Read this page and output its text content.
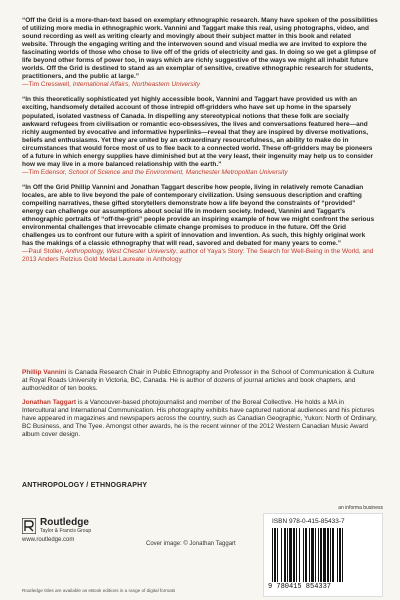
“Off the Grid is a more-than-text based on exemplary ethnographic research. Many have spoken of the possibilities of utilizing more media in ethnographic work. Vannini and Taggart make this real, using photographs, video, and sound recording as well as writing clearly and movingly about their subject matter in this book and related website. Through the engaging writing and the interwoven sound and visual media we are invited to explore the fascinating worlds of those who chose to live off of the grids of electricity and gas. In doing so we get a glimpse of life beyond other forms of power too, in ways which are richly suggestive of the ways we might all inhabit future worlds. Off the Grid is destined to stand as an exemplar of sensitive, creative ethnographic research for students, practitioners, and the public at large.”

—Tim Cresswell, International Affairs, Northeastern University

“In this theoretically sophisticated yet highly accessible book, Vannini and Taggart have provided us with an exciting, handsomely detailed account of those intrepid off-gridders who have set up home in the sparsely populated, isolated vastness of Canada. In dispelling any stereotypical notions that these folk are socially awkward refugees from civilisation or romantic eco-obsessives, the lives and conversations featured here—and richly augmented by evocative and informative hyperlinks—reveal that they are inspired by diverse motivations, beliefs and enthusiasms. Yet they are united by an extraordinary resourcefulness, an ability to make do in circumstances that would force most of us to flee back to a connected world. These off-gridders may be pioneers of a future in which energy supplies have diminished but at the very least, their ingenuity may help us to consider how we may live in a more balanced relationship with the earth.”

—Tim Edensor, School of Science and the Environment, Manchester Metropolitan University

“In Off the Grid Phillip Vannini and Jonathan Taggart describe how people, living in relatively remote Canadian locales, are able to live beyond the pale of contemporary civilization. Using sensuous description and crafting compelling narratives, these gifted storytellers demonstrate how a life beyond the constraints of “provided” energy can challenge our assumptions about social life in modern society. Indeed, Vannini and Taggart’s ethnographic portraits of “off-the-grid” people provide an inspiring example of how we might confront the serious environmental challenges that irrevocable climate change promises to produce in the future. Off the Grid challenges us to confront our future with a spirit of innovation and invention. As such, this highly original work has the makings of a classic ethnography that will read, savored and debated for many years to come.”

—Paul Stoller, Anthropology, West Chester University, author of Yaya’s Story: The Search for Well-Being in the World, and 2013 Anders Retzius Gold Medal Laureate in Anthology

Phillip Vannini is Canada Research Chair in Public Ethnography and Professor in the School of Communication & Culture at Royal Roads University in Victoria, BC, Canada. He is author of dozens of journal articles and book chapters, and author/editor of ten books.

Jonathan Taggart is a Vancouver-based photojournalist and member of the Boreal Collective. He holds a MA in Intercultural and International Communication. His photography exhibits have captured national audiences and his pictures have appeared in magazines and newspapers across the country, such as Canadian Geographic, Yukon: North of Ordinary, BC Business, and The Tyee. Amongst other awards, he is the recent winner of the 2012 Western Canadian Music Award album cover design.

ANTHROPOLOGY / ETHNOGRAPHY
Routledge
Taylor & Francis Group
www.routledge.com
Cover image: © Jonathan Taggart
an informa business
ISBN 978-0-415-85433-7
9 780415 854337
Routledge titles are available as eBook editions in a range of digital formats
